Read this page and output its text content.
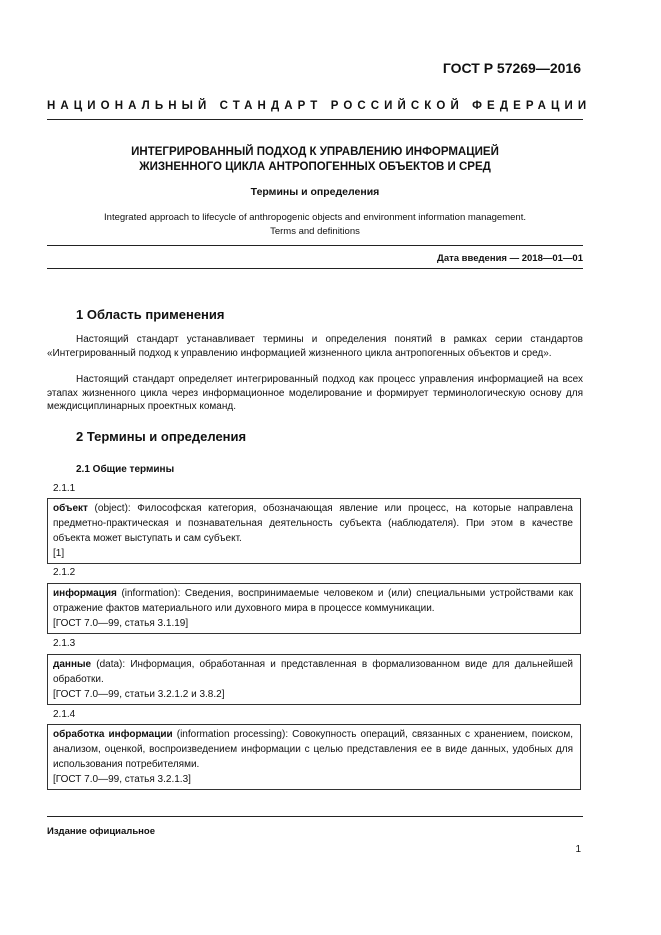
ГОСТ Р 57269—2016
НАЦИОНАЛЬНЫЙ СТАНДАРТ РОССИЙСКОЙ ФЕДЕРАЦИИ
ИНТЕГРИРОВАННЫЙ ПОДХОД К УПРАВЛЕНИЮ ИНФОРМАЦИЕЙ
ЖИЗНЕННОГО ЦИКЛА АНТРОПОГЕННЫХ ОБЪЕКТОВ И СРЕД
Термины и определения
Integrated approach to lifecycle of anthropogenic objects and environment information management.
Terms and definitions
Дата введения — 2018—01—01
1 Область применения
Настоящий стандарт устанавливает термины и определения понятий в рамках серии стандартов «Интегрированный подход к управлению информацией жизненного цикла антропогенных объектов и сред».
Настоящий стандарт определяет интегрированный подход как процесс управления информацией на всех этапах жизненного цикла через информационное моделирование и формирует терминологическую основу для междисциплинарных проектных команд.
2 Термины и определения
2.1 Общие термины
2.1.1
объект (object): Философская категория, обозначающая явление или процесс, на которые направлена предметно-практическая и познавательная деятельность субъекта (наблюдателя). При этом в качестве объекта может выступать и сам субъект.
[1]
2.1.2
информация (information): Сведения, воспринимаемые человеком и (или) специальными устройствами как отражение фактов материального или духовного мира в процессе коммуникации.
[ГОСТ 7.0—99, статья 3.1.19]
2.1.3
данные (data): Информация, обработанная и представленная в формализованном виде для дальнейшей обработки.
[ГОСТ 7.0—99, статьи 3.2.1.2 и 3.8.2]
2.1.4
обработка информации (information processing): Совокупность операций, связанных с хранением, поиском, анализом, оценкой, воспроизведением информации с целью представления ее в виде данных, удобных для использования потребителями.
[ГОСТ 7.0—99, статья 3.2.1.3]
Издание официальное
1
